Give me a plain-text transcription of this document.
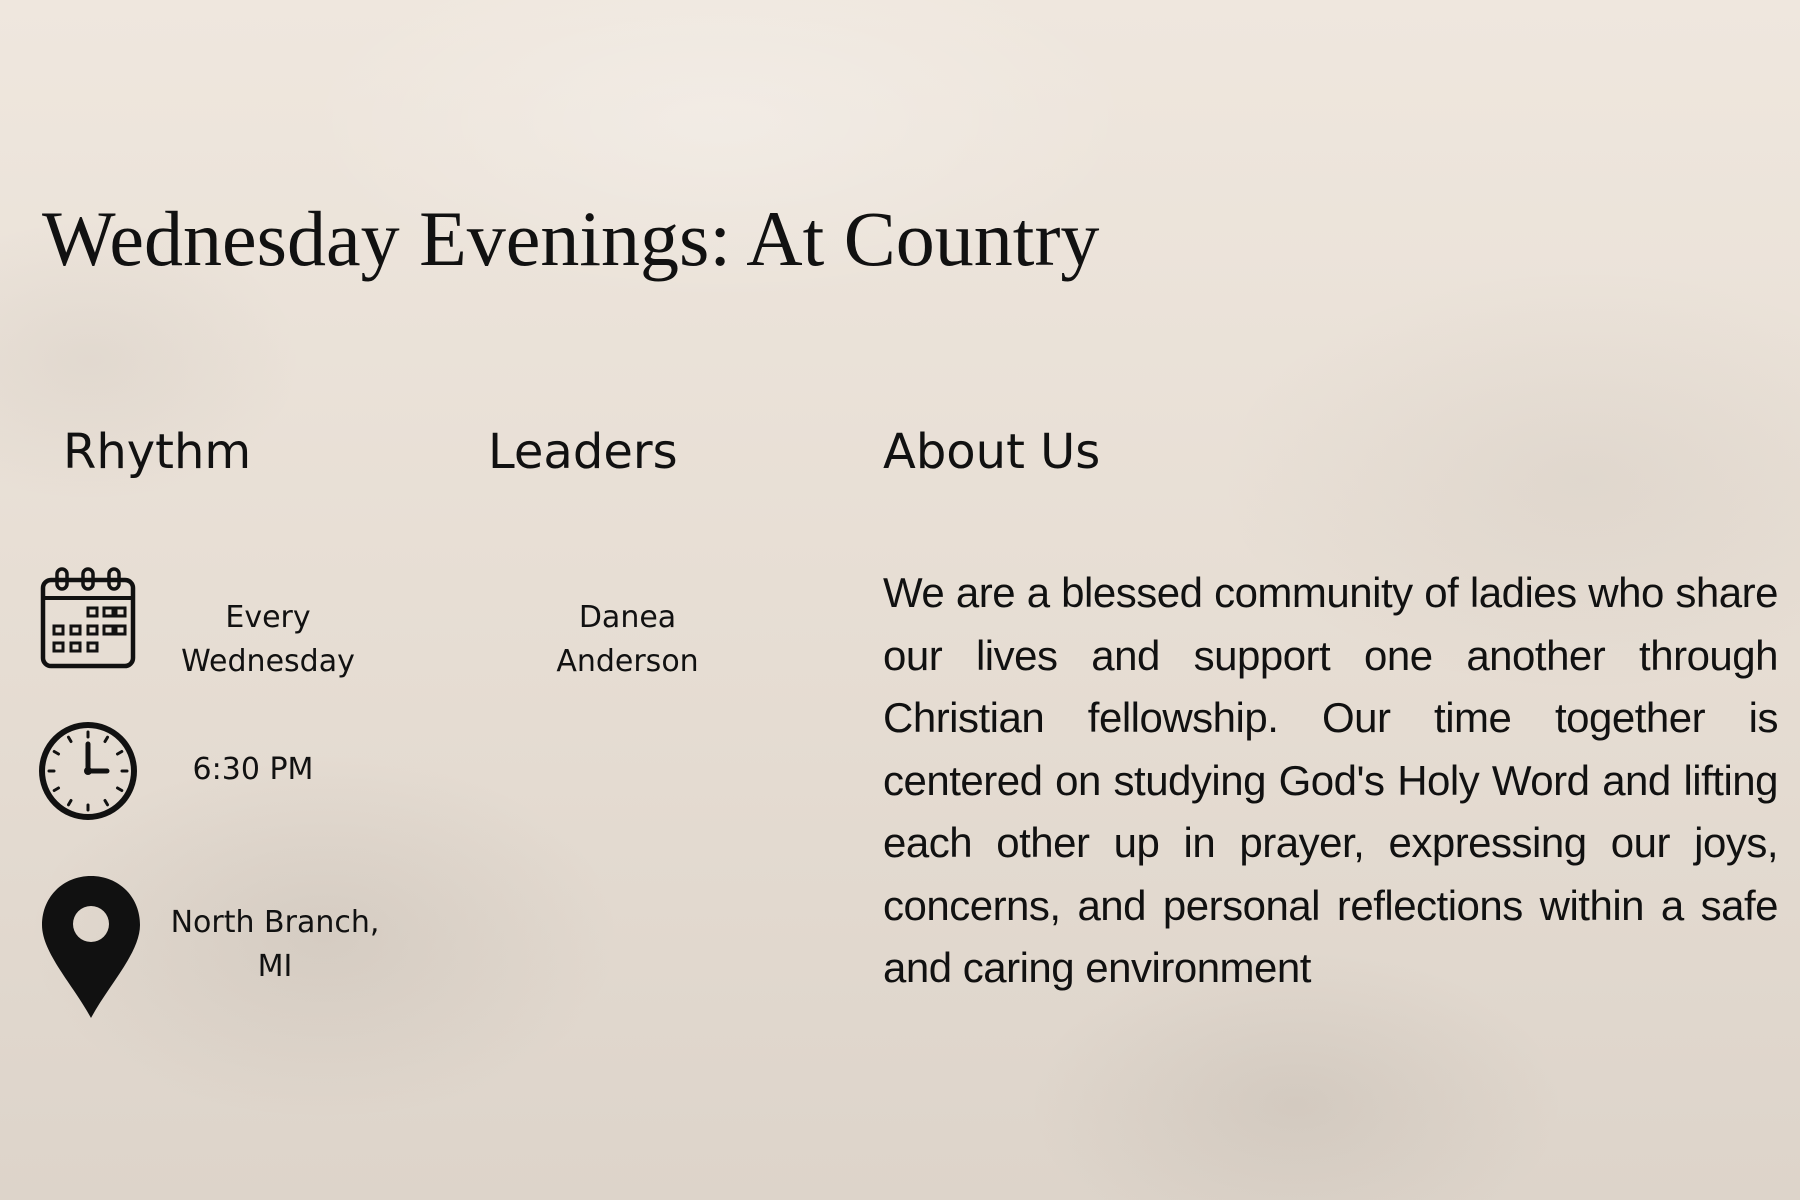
Wednesday Evenings: At Country
Rhythm	Leaders	About Us
Every
Wednesday
6:30 PM
North Branch,
MI
Danea
Anderson

We are a blessed community of ladies who share our lives and support one another through Christian fellowship. Our time together is centered on studying God's Holy Word and lifting each other up in prayer, expressing our joys, concerns, and personal reflections within a safe and caring environment
